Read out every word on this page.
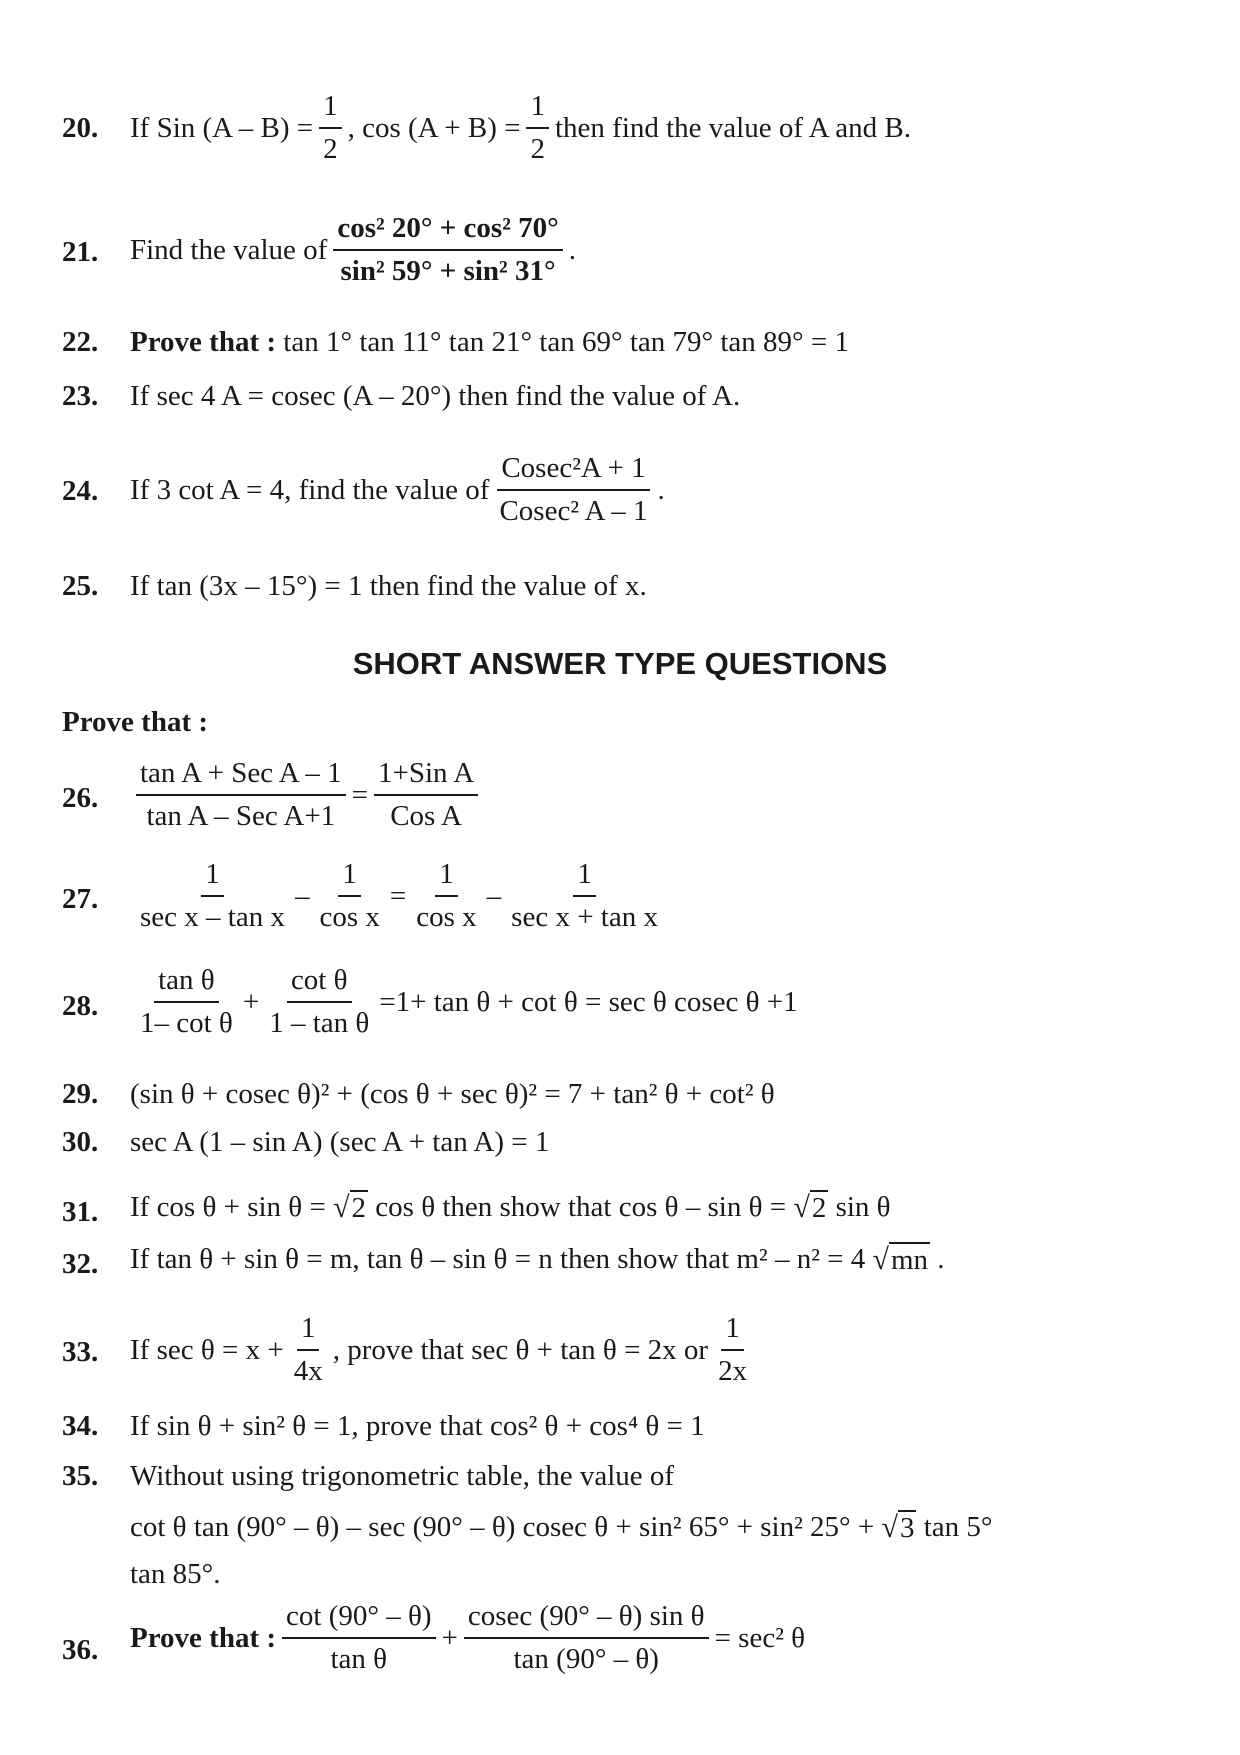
20. If Sin $(A - B) = \frac{1}{2}$ , $\cos (A + B) = \frac{1}{2}$ then find the value of A and B.
21. Find the value of $\frac{\text{cos² 20° + cos² 70°}}{\text{sin² 59° + sin² 31°}}$ .
22. Prove that :
tan 1° tan 11° tan 21° tan 69° tan 79° tan 89° = 1
23. If sec 4 A = cosec (A – 20°) then find the value of A.
24. If 3 cot A = 4, find the value of $\frac{\text{Cosec²A + 1}}{\text{Cosec² A – 1}}$ .
25. If tan (3x – 15°) = 1 then find the value of x.
SHORT ANSWER TYPE QUESTIONS
Prove that :
26. $\frac{\text{tan A + Sec A – 1}}{\text{tan A – Sec A+1}} = \frac{\text{1+Sin A}}{\text{Cos A}}$
27. $\frac{1}{\text{sec x – tan x}} - \frac{1}{\text{cos x}} = \frac{1}{\text{cos x}} - \frac{1}{\text{sec x + tan x}}$
28. $\frac{\text{tan θ}}{\text{1– cot θ}} + \frac{\text{cot θ}}{\text{1 – tan θ}} =1+ \tan \theta + \cot \theta = \sec \theta$ cosec θ +1
29. (sin θ + cosec θ)² + (cos θ + sec θ)² = 7 + tan² θ + cot² θ
30. sec A (1 – sin A) (sec A + tan A) = 1
31. If cos θ + sin θ =
√ 2
cos θ then show that cos θ – sin θ =
√ 2
sin θ
32. If tan θ + sin θ = m, tan θ – sin θ = n then show that m² – n² = 4
√ mn
.
33. If $\sec \theta = x + \frac{1}{4x}$ , prove that sec θ + tan θ = 2x or $\frac{1}{2x}$
34. If sin θ + sin² θ = 1, prove that cos² θ + cos⁴ θ = 1
35. Without using trigonometric table, the value of
cot θ tan (90° – θ) – sec (90° – θ) cosec θ + sin² 65° + sin² 25° +
√ 3
tan 5°
tan 85°.
36. Prove that : $\frac{\cot (90^\circ - \theta)}{\text{tan θ}} + \frac{\text{cosec (90° – θ) sin θ}}{\tan (90^\circ - \theta)} = \sec^2$ θ
